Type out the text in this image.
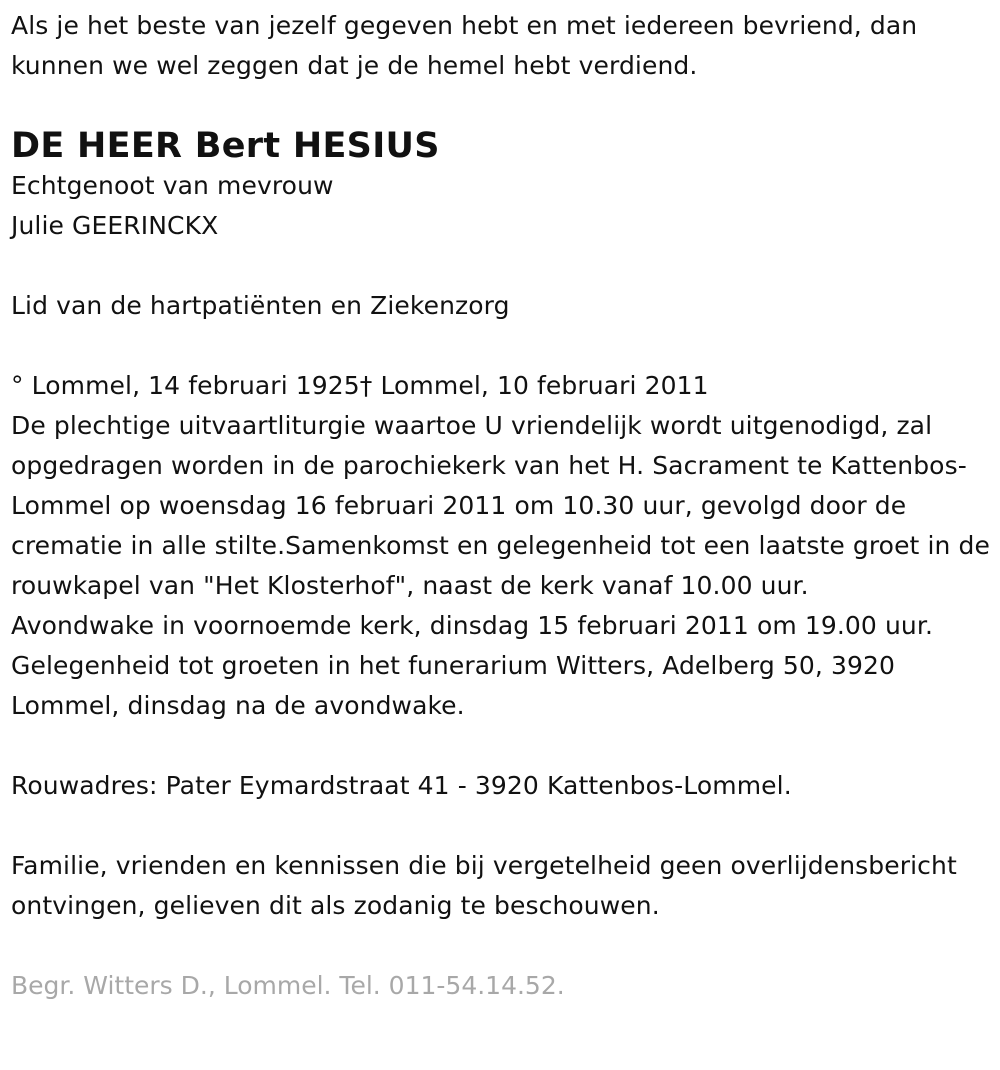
Als je het beste van jezelf gegeven hebt en met iedereen bevriend, dan kunnen we wel zeggen dat je de hemel hebt verdiend.

DE HEER Bert HESIUS

Echtgenoot van mevrouw

Julie GEERINCKX

Lid van de hartpatiënten en Ziekenzorg

° Lommel, 14 februari 1925† Lommel, 10 februari 2011

De plechtige uitvaartliturgie waartoe U vriendelijk wordt uitgenodigd, zal opgedragen worden in de parochiekerk van het H. Sacrament te Kattenbos-Lommel op woensdag 16 februari 2011 om 10.30 uur, gevolgd door de crematie in alle stilte.Samenkomst en gelegenheid tot een laatste groet in de rouwkapel van "Het Klosterhof", naast de kerk vanaf 10.00 uur.

Avondwake in voornoemde kerk, dinsdag 15 februari 2011 om 19.00 uur.

Gelegenheid tot groeten in het funerarium Witters, Adelberg 50, 3920 Lommel, dinsdag na de avondwake.

Rouwadres: Pater Eymardstraat 41 - 3920 Kattenbos-Lommel.

Familie, vrienden en kennissen die bij vergetelheid geen overlijdensbericht ontvingen, gelieven dit als zodanig te beschouwen.

Begr. Witters D., Lommel. Tel. 011-54.14.52.
